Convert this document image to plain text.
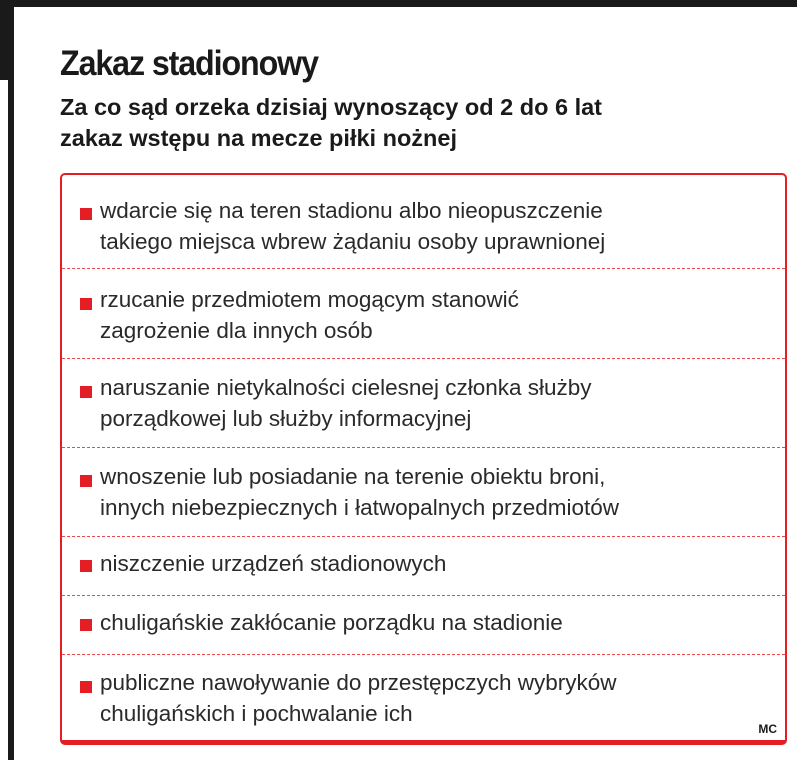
Zakaz stadionowy

Za co sąd orzeka dzisiaj wynoszący od 2 do 6 lat
zakaz wstępu na mecze piłki nożnej

wdarcie się na teren stadionu albo nieopuszczenie
takiego miejsca wbrew żądaniu osoby uprawnionej
rzucanie przedmiotem mogącym stanowić
zagrożenie dla innych osób
naruszanie nietykalności cielesnej członka służby
porządkowej lub służby informacyjnej
wnoszenie lub posiadanie na terenie obiektu broni,
innych niebezpiecznych i łatwopalnych przedmiotów
niszczenie urządzeń stadionowych
chuligańskie zakłócanie porządku na stadionie
publiczne nawoływanie do przestępczych wybryków
chuligańskich i pochwalanie ich
MC
